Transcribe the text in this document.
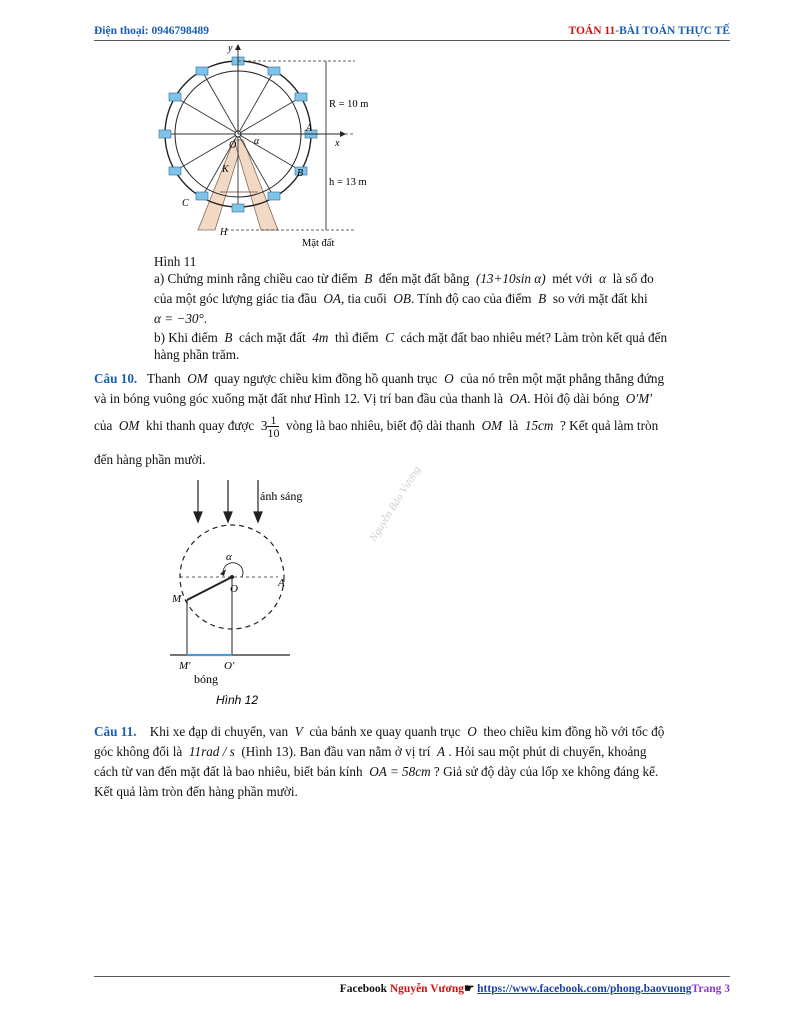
Điện thoại: 0946798489	TOÁN 11-BÀI TOÁN THỰC TẾ
y
x
α
O
A
B
C
K
H
R = 10 m
h = 13 m
Mặt đất
Hình 11
a) Chứng minh rằng chiều cao từ điểm B đến mặt đất bằng (13+10sin α) mét với α là số đo
của một góc lượng giác tia đầu OA, tia cuối OB. Tính độ cao của điểm B so với mặt đất khi
α = −30°.
b) Khi điểm B cách mặt đất 4m thì điểm C cách mặt đất bao nhiêu mét? Làm tròn kết quả đến
hàng phần trăm.
Câu 10. Thanh OM quay ngược chiều kim đồng hồ quanh trục O của nó trên một mặt phẳng thẳng đứng
và in bóng vuông góc xuống mặt đất như Hình 12. Vị trí ban đầu của thanh là OA. Hỏi độ dài bóng O′M′
của OM khi thanh quay được $3 \frac{1}{10}$ vòng là bao nhiêu, biết độ dài thanh OM là 15cm ? Kết quả làm tròn
đến hàng phần mười.
ánh sáng
α
O	A
M
M′	O′
bóng
Hình 12
Nguyễn Bảo Vương
Câu 11. Khi xe đạp di chuyển, van V của bánh xe quay quanh trục O theo chiều kim đồng hồ với tốc độ
góc không đổi là 11rad / s (Hình 13). Ban đầu van nằm ở vị trí A . Hỏi sau một phút di chuyển, khoảng
cách từ van đến mặt đất là bao nhiêu, biết bán kính OA = 58cm ? Giả sử độ dày của lốp xe không đáng kể.
Kết quả làm tròn đến hàng phần mười.
Facebook Nguyễn Vương☛ https://www.facebook.com/phong.baovuongTrang 3
